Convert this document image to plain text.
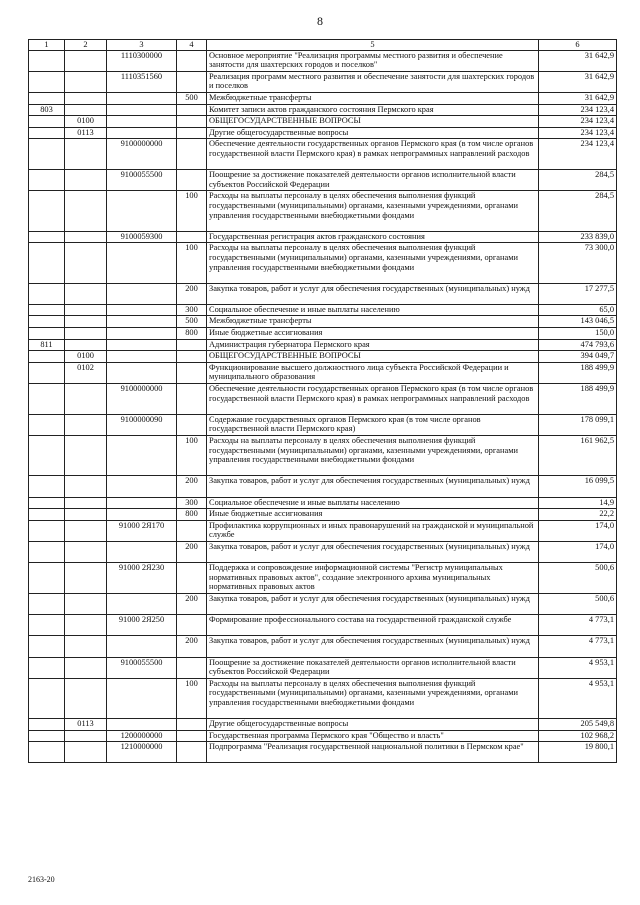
8
1	2	3	4	5	6
		1110300000		Основное мероприятие "Реализация программы местного развития и обеспечение занятости для шахтерских городов и поселков"	31 642,9
		1110351560		Реализация программ местного развития и обеспечение занятости для шахтерских городов и поселков	31 642,9
			500	Межбюджетные трансферты	31 642,9
803				Комитет записи актов гражданского состояния Пермского края	234 123,4
	0100			ОБЩЕГОСУДАРСТВЕННЫЕ ВОПРОСЫ	234 123,4
	0113			Другие общегосударственные вопросы	234 123,4
		9100000000		Обеспечение деятельности государственных органов Пермского края (в том числе органов государственной власти Пермского края) в рамках непрограммных направлений расходов	234 123,4
		9100055500		Поощрение за достижение показателей деятельности органов исполнительной власти субъектов Российской Федерации	284,5
			100	Расходы на выплаты персоналу в целях обеспечения выполнения функций государственными (муниципальными) органами, казенными учреждениями, органами управления государственными внебюджетными фондами	284,5
		9100059300		Государственная регистрация актов гражданского состояния	233 839,0
			100	Расходы на выплаты персоналу в целях обеспечения выполнения функций государственными (муниципальными) органами, казенными учреждениями, органами управления государственными внебюджетными фондами	73 300,0
			200	Закупка товаров, работ и услуг для обеспечения государственных (муниципальных) нужд	17 277,5
			300	Социальное обеспечение и иные выплаты населению	65,0
			500	Межбюджетные трансферты	143 046,5
			800	Иные бюджетные ассигнования	150,0
811				Администрация губернатора Пермского края	474 793,6
	0100			ОБЩЕГОСУДАРСТВЕННЫЕ ВОПРОСЫ	394 049,7
	0102			Функционирование высшего должностного лица субъекта Российской Федерации и муниципального образования	188 499,9
		9100000000		Обеспечение деятельности государственных органов Пермского края (в том числе органов государственной власти Пермского края) в рамках непрограммных направлений расходов	188 499,9
		9100000090		Содержание государственных органов Пермского края (в том числе органов государственной власти Пермского края)	178 099,1
			100	Расходы на выплаты персоналу в целях обеспечения выполнения функций государственными (муниципальными) органами, казенными учреждениями, органами управления государственными внебюджетными фондами	161 962,5
			200	Закупка товаров, работ и услуг для обеспечения государственных (муниципальных) нужд	16 099,5
			300	Социальное обеспечение и иные выплаты населению	14,9
			800	Иные бюджетные ассигнования	22,2
		91000 2Я170		Профилактика коррупционных и иных правонарушений на гражданской и муниципальной службе	174,0
			200	Закупка товаров, работ и услуг для обеспечения государственных (муниципальных) нужд	174,0
		91000 2Я230		Поддержка и сопровождение информационной системы "Регистр муниципальных нормативных правовых актов", создание электронного архива муниципальных нормативных правовых актов	500,6
			200	Закупка товаров, работ и услуг для обеспечения государственных (муниципальных) нужд	500,6
		91000 2Я250		Формирование профессионального состава на государственной гражданской службе	4 773,1
			200	Закупка товаров, работ и услуг для обеспечения государственных (муниципальных) нужд	4 773,1
		9100055500		Поощрение за достижение показателей деятельности органов исполнительной власти субъектов Российской Федерации	4 953,1
			100	Расходы на выплаты персоналу в целях обеспечения выполнения функций государственными (муниципальными) органами, казенными учреждениями, органами управления государственными внебюджетными фондами	4 953,1
	0113			Другие общегосударственные вопросы	205 549,8
		1200000000		Государственная программа Пермского края "Общество и власть"	102 968,2
		1210000000		Подпрограмма "Реализация государственной национальной политики в Пермском крае"	19 800,1
2163-20
